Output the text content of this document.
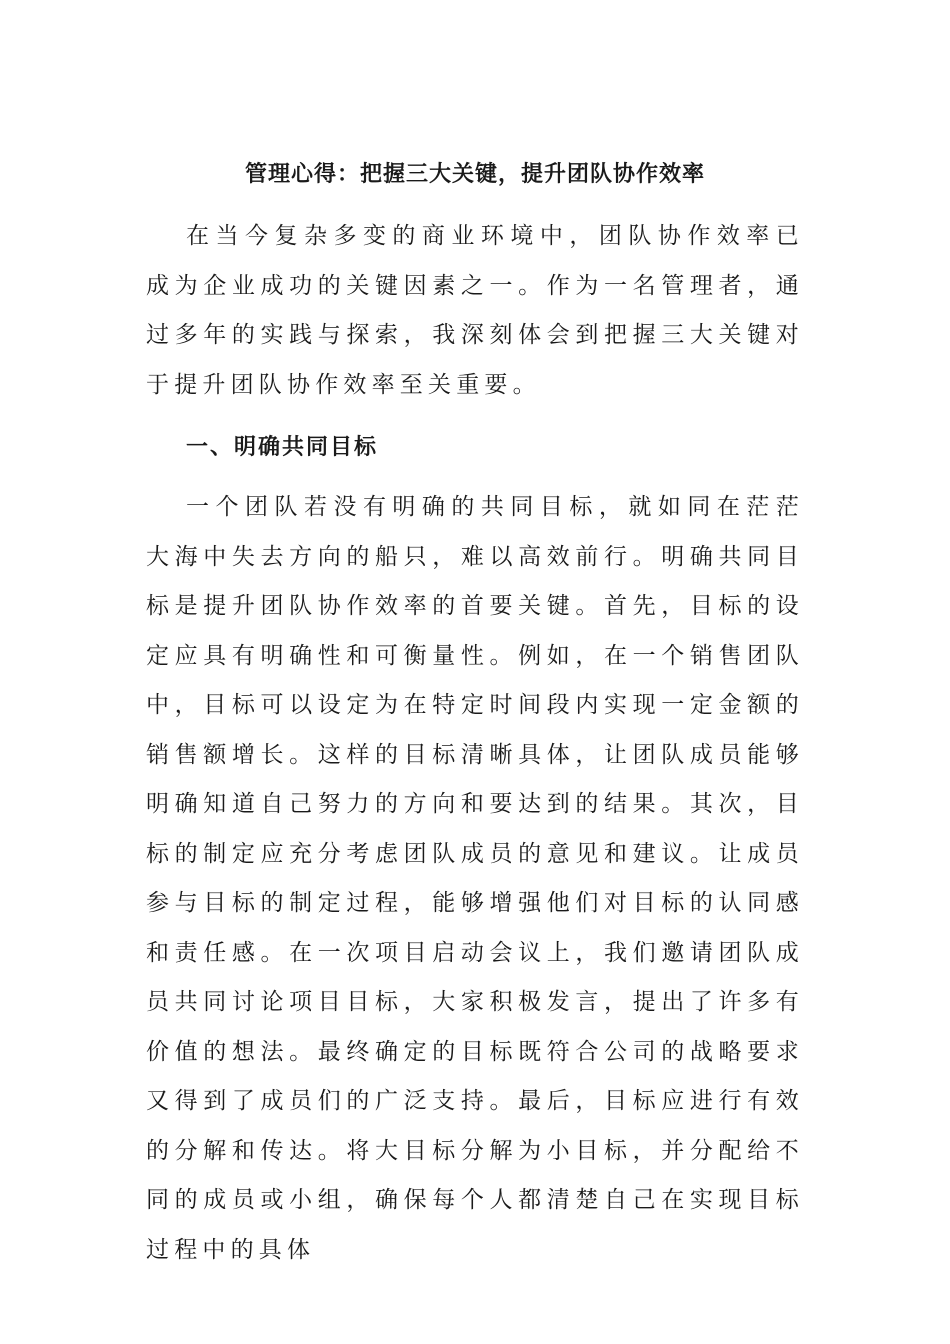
管理心得：把握三大关键，提升团队协作效率

在当今复杂多变的商业环境中，团队协作效率已成为企业成功的关键因素之一。作为一名管理者，通过多年的实践与探索，我深刻体会到把握三大关键对于提升团队协作效率至关重要。

一、明确共同目标

一个团队若没有明确的共同目标，就如同在茫茫大海中失去方向的船只，难以高效前行。明确共同目标是提升团队协作效率的首要关键。首先，目标的设定应具有明确性和可衡量性。例如，在一个销售团队中，目标可以设定为在特定时间段内实现一定金额的销售额增长。这样的目标清晰具体，让团队成员能够明确知道自己努力的方向和要达到的结果。其次，目标的制定应充分考虑团队成员的意见和建议。让成员参与目标的制定过程，能够增强他们对目标的认同感和责任感。在一次项目启动会议上，我们邀请团队成员共同讨论项目目标，大家积极发言，提出了许多有价值的想法。最终确定的目标既符合公司的战略要求又得到了成员们的广泛支持。最后，目标应进行有效的分解和传达。将大目标分解为小目标，并分配给不同的成员或小组，确保每个人都清楚自己在实现目标过程中的具体
